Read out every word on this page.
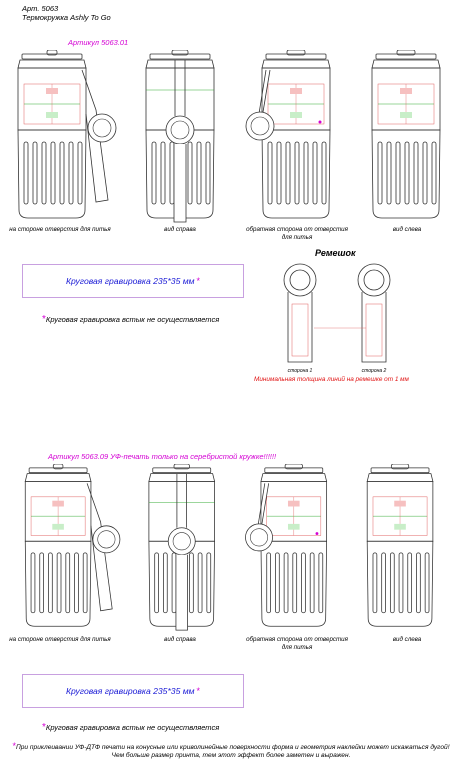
Арт. 5063
Термокружка Ashly To Go
Артикул 5063.01
на стороне отверстия для питья	вид справа	обратная сторона от отверстия для питья
вид слева
Круговая гравировка 235*35 мм *
*Круговая гравировка встык не осуществляется
Ремешок
сторона 1	сторона 2
Минимальная толщина линий на ремешке от 1 мм
Артикул 5063.09 УФ-печать только на серебристой кружке!!!!!!
на стороне отверстия для питья	вид справа	обратная сторона от отверстия для питья
вид слева
Круговая гравировка 235*35 мм *
*Круговая гравировка встык не осуществляется
*При приклеивании УФ-ДТФ печати на конусные или криволинейные поверхности форма и геометрия наклейки может искажаться дугой! Чем больше размер принта, тем этот эффект более заметен и выражен.
